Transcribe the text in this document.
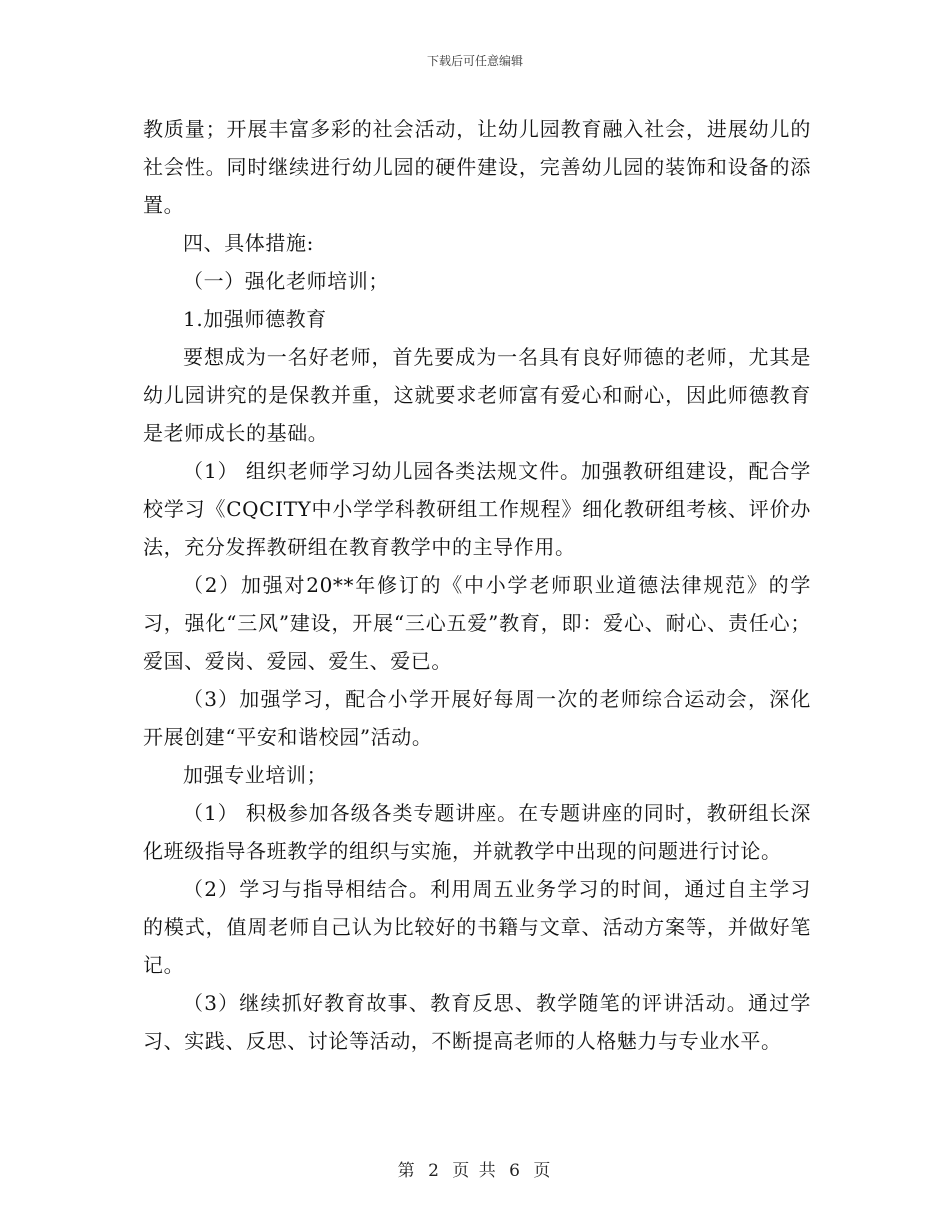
下载后可任意编辑

教质量；开展丰富多彩的社会活动，让幼儿园教育融入社会，进展幼儿的社会性。同时继续进行幼儿园的硬件建设，完善幼儿园的装饰和设备的添置。

四、具体措施:

（一）强化老师培训；

1.加强师德教育

要想成为一名好老师，首先要成为一名具有良好师德的老师，尤其是幼儿园讲究的是保教并重，这就要求老师富有爱心和耐心，因此师德教育是老师成长的基础。

（1） 组织老师学习幼儿园各类法规文件。加强教研组建设，配合学校学习《CQCITY中小学学科教研组工作规程》细化教研组考核、评价办法，充分发挥教研组在教育教学中的主导作用。

（2）加强对20**年修订的《中小学老师职业道德法律规范》的学习，强化“三风”建设，开展“三心五爱”教育，即：爱心、耐心、责任心；爱国、爱岗、爱园、爱生、爱已。

（3）加强学习，配合小学开展好每周一次的老师综合运动会，深化开展创建“平安和谐校园”活动。

加强专业培训；

（1） 积极参加各级各类专题讲座。在专题讲座的同时，教研组长深化班级指导各班教学的组织与实施，并就教学中出现的问题进行讨论。

（2）学习与指导相结合。利用周五业务学习的时间，通过自主学习的模式，值周老师自己认为比较好的书籍与文章、活动方案等，并做好笔记。

（3）继续抓好教育故事、教育反思、教学随笔的评讲活动。通过学习、实践、反思、讨论等活动，不断提高老师的人格魅力与专业水平。

第 2 页 共 6 页
